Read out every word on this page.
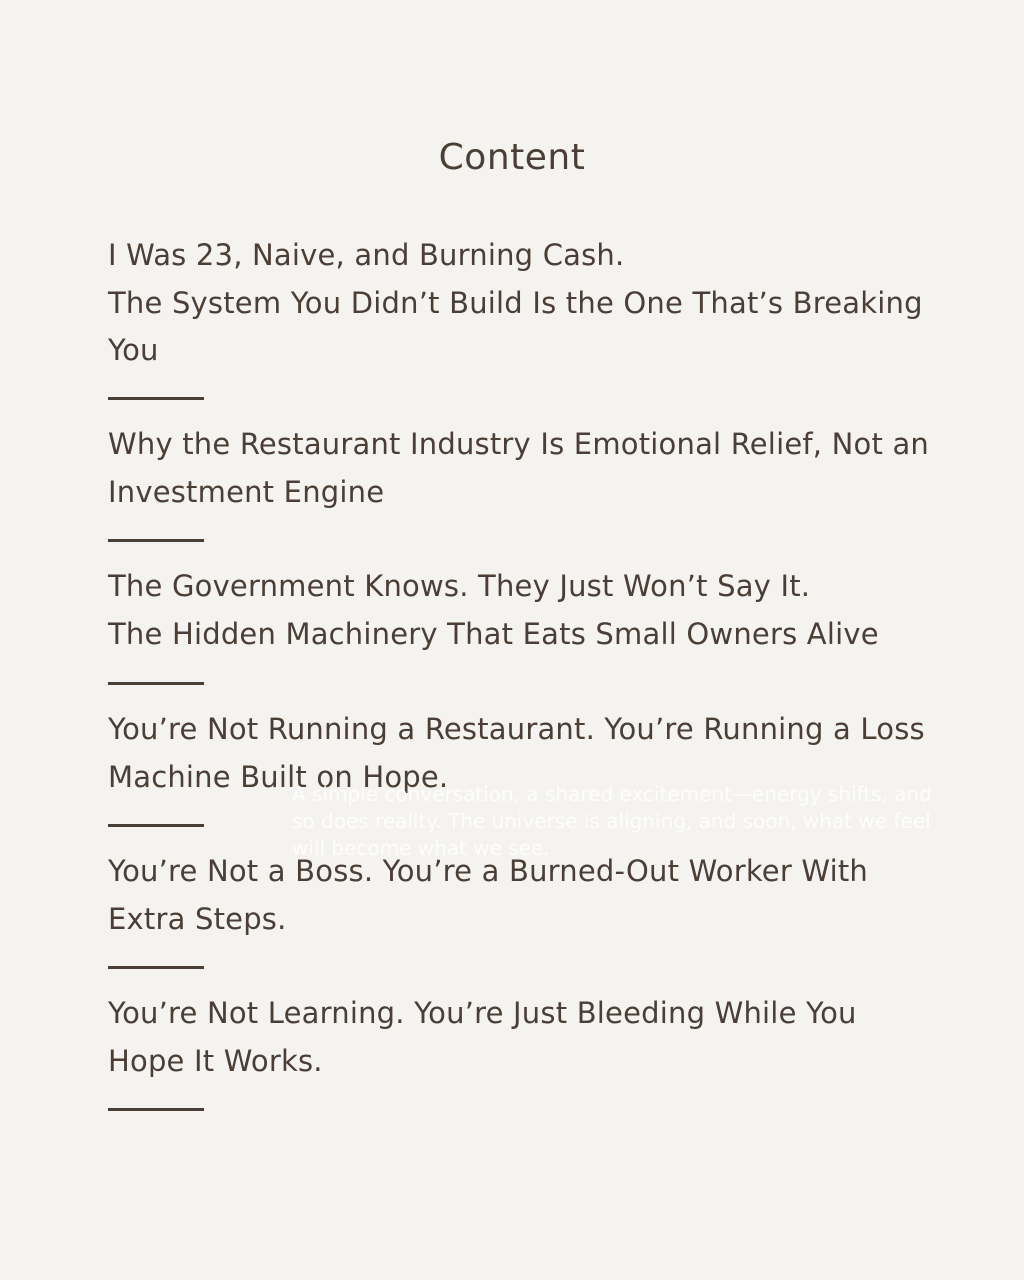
Content
I Was 23, Naive, and Burning Cash.
The System You Didn’t Build Is the One That’s Breaking
You
Why the Restaurant Industry Is Emotional Relief, Not an
Investment Engine
The Government Knows. They Just Won’t Say It.
The Hidden Machinery That Eats Small Owners Alive
You’re Not Running a Restaurant. You’re Running a Loss
Machine Built on Hope.
You’re Not a Boss. You’re a Burned-Out Worker With
Extra Steps.
You’re Not Learning. You’re Just Bleeding While You
Hope It Works.
A simple conversation, a shared excitement—energy shifts, and so does reality. The universe is aligning, and soon, what we feel will become what we see.
